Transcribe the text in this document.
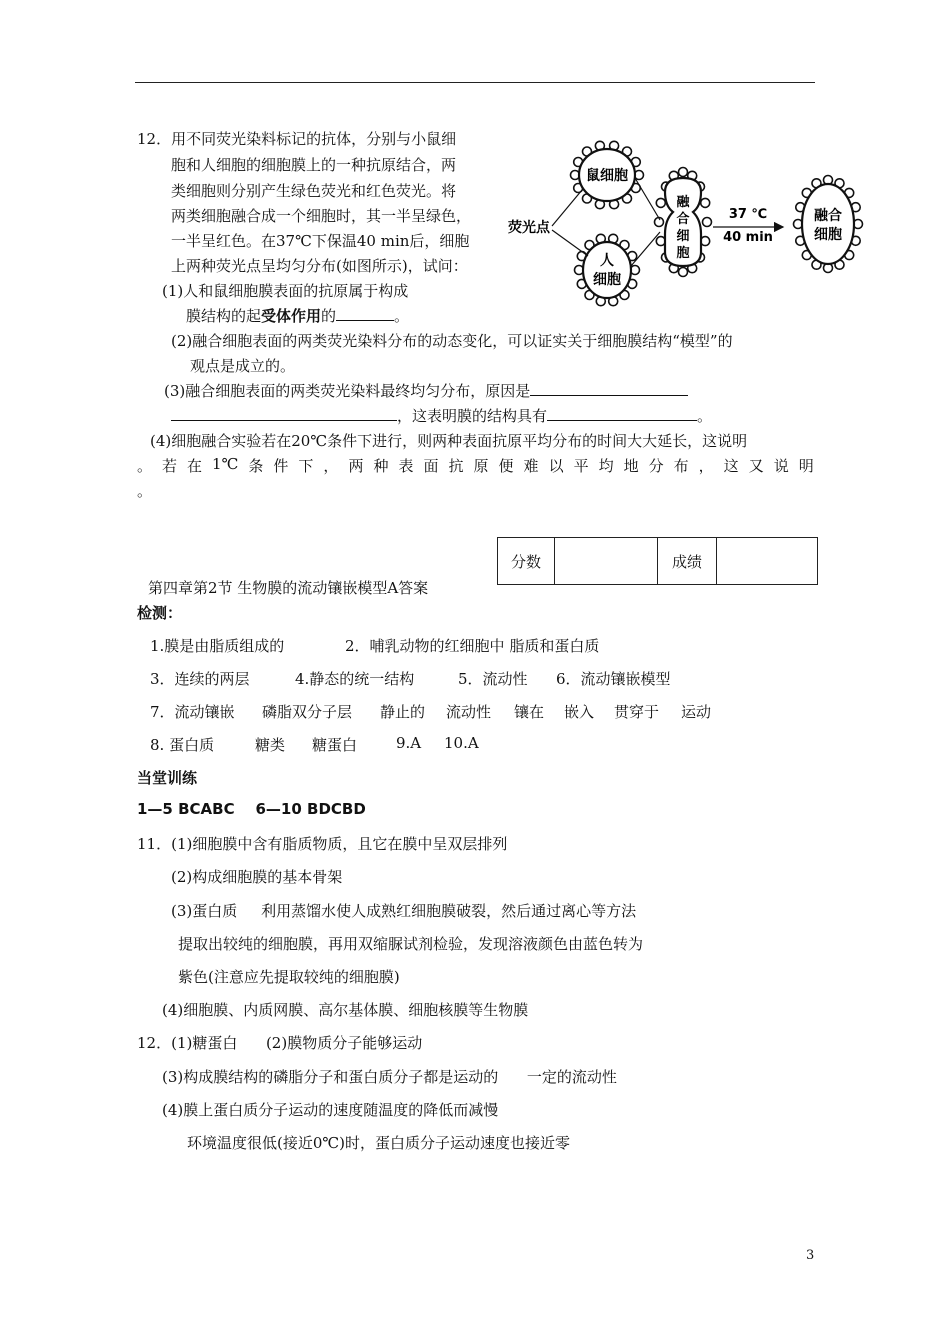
12．用不同荧光染料标记的抗体，分别与小鼠细
胞和人细胞的细胞膜上的一种抗原结合，两
类细胞则分别产生绿色荧光和红色荧光。将
两类细胞融合成一个细胞时，其一半呈绿色，
一半呈红色。在37℃下保温40 min后，细胞
上两种荧光点呈均匀分布(如图所示)，试问：
(1)人和鼠细胞膜表面的抗原属于构成
膜结构的起受体作用的	。
(2)融合细胞表面的两类荧光染料分布的动态变化，可以证实关于细胞膜结构“模型”的
观点是成立的。
(3)融合细胞表面的两类荧光染料最终均匀分布，原因是
，这表明膜的结构具有	。
(4)细胞融合实验若在20℃条件下进行，则两种表面抗原平均分布的时间大大延长，这说明
。 若 在 1℃ 条 件 下 ， 两 种 表 面 抗 原 便 难 以 平 均 地 分 布 ， 这 又 说 明
。
鼠细胞
人
细胞
荧光点
融
合
细
胞
37 ℃
40 min
融合
细胞
分数		成绩	
第四章第2节 生物膜的流动镶嵌模型A答案
检测：
1.膜是由脂质组成的	2．哺乳动物的红细胞中 脂质和蛋白质
3．连续的两层	4.静态的统一结构	5．流动性 6．流动镶嵌模型
7．流动镶嵌 磷脂双分子层 静止的 流动性 镶在 嵌入 贯穿于 运动
8. 蛋白质	糖类 糖蛋白	9.A 10.A
当堂训练
1—5 BCABC    6—10 BDCBD
11．(1)细胞膜中含有脂质物质，且它在膜中呈双层排列
(2)构成细胞膜的基本骨架
(3)蛋白质     利用蒸馏水使人成熟红细胞膜破裂，然后通过离心等方法
提取出较纯的细胞膜，再用双缩脲试剂检验，发现溶液颜色由蓝色转为
紫色(注意应先提取较纯的细胞膜)
(4)细胞膜、内质网膜、高尔基体膜、细胞核膜等生物膜
12．(1)糖蛋白      (2)膜物质分子能够运动
(3)构成膜结构的磷脂分子和蛋白质分子都是运动的      一定的流动性
(4)膜上蛋白质分子运动的速度随温度的降低而减慢
环境温度很低(接近0℃)时，蛋白质分子运动速度也接近零
3
